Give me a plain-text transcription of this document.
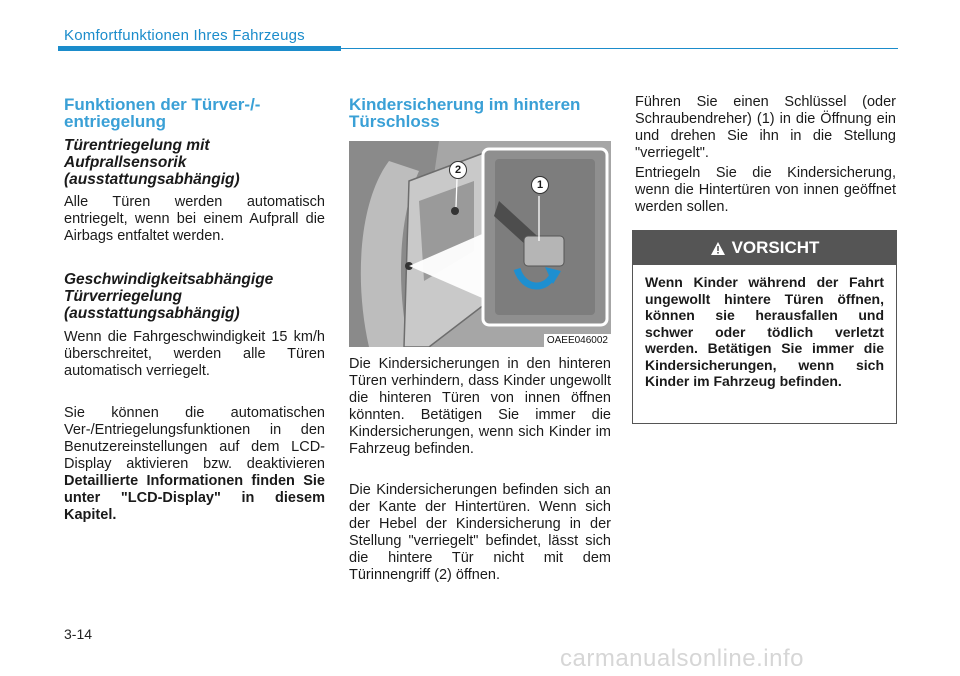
Komfortfunktionen Ihres Fahrzeugs
Funktionen der Türver-/-
entriegelung
Türentriegelung mit
Aufprallsensorik
(ausstattungsabhängig)

Alle Türen werden automatisch entriegelt, wenn bei einem Aufprall die Airbags entfaltet werden.

Geschwindigkeitsabhängige
Türverriegelung
(ausstattungsabhängig)

Wenn die Fahrgeschwindigkeit 15 km/h überschreitet, werden alle Türen automatisch verriegelt.

Sie können die automatischen Ver-/Entriegelungsfunktionen in den Benutzereinstellungen auf dem LCD-Display aktivieren bzw. deaktivieren Detaillierte Informationen finden Sie unter "LCD-Display" in diesem Kapitel.

Kindersicherung im hinteren
Türschloss

Die Kindersicherungen in den hinteren Türen verhindern, dass Kinder ungewollt die hinteren Türen von innen öffnen könnten. Betätigen Sie immer die Kindersicherungen, wenn sich Kinder im Fahrzeug befinden.

Die Kindersicherungen befinden sich an der Kante der Hintertüren. Wenn sich der Hebel der Kindersicherung in der Stellung "verriegelt" befindet, lässt sich die hintere Tür nicht mit dem Türinnengriff (2) öffnen.

1
2
OAEE046002

Führen Sie einen Schlüssel (oder Schraubendreher) (1) in die Öffnung ein und drehen Sie ihn in die Stellung "verriegelt".

Entriegeln Sie die Kindersicherung, wenn die Hintertüren von innen geöffnet werden sollen.

VORSICHT
Wenn Kinder während der Fahrt ungewollt hintere Türen öffnen, können sie herausfallen und schwer oder tödlich verletzt werden. Betätigen Sie immer die Kindersicherungen, wenn sich Kinder im Fahrzeug befinden.
3-14
carmanualsonline.info
